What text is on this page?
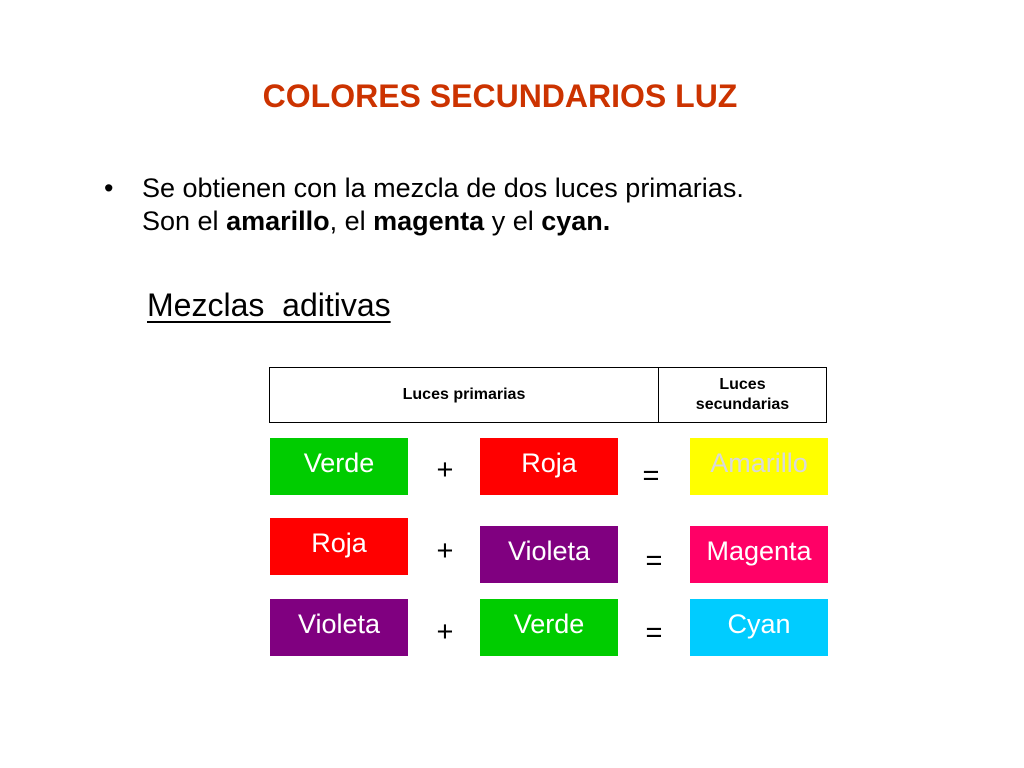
COLORES SECUNDARIOS LUZ
• Se obtienen con la mezcla de dos luces primarias.
Son el amarillo, el magenta y el cyan.
Mezclas  aditivas
Luces primarias
Luces
secundarias
Verde	+	Roja	=	Amarillo
Roja	+	Violeta	=	Magenta
Violeta	+	Verde	=	Cyan
